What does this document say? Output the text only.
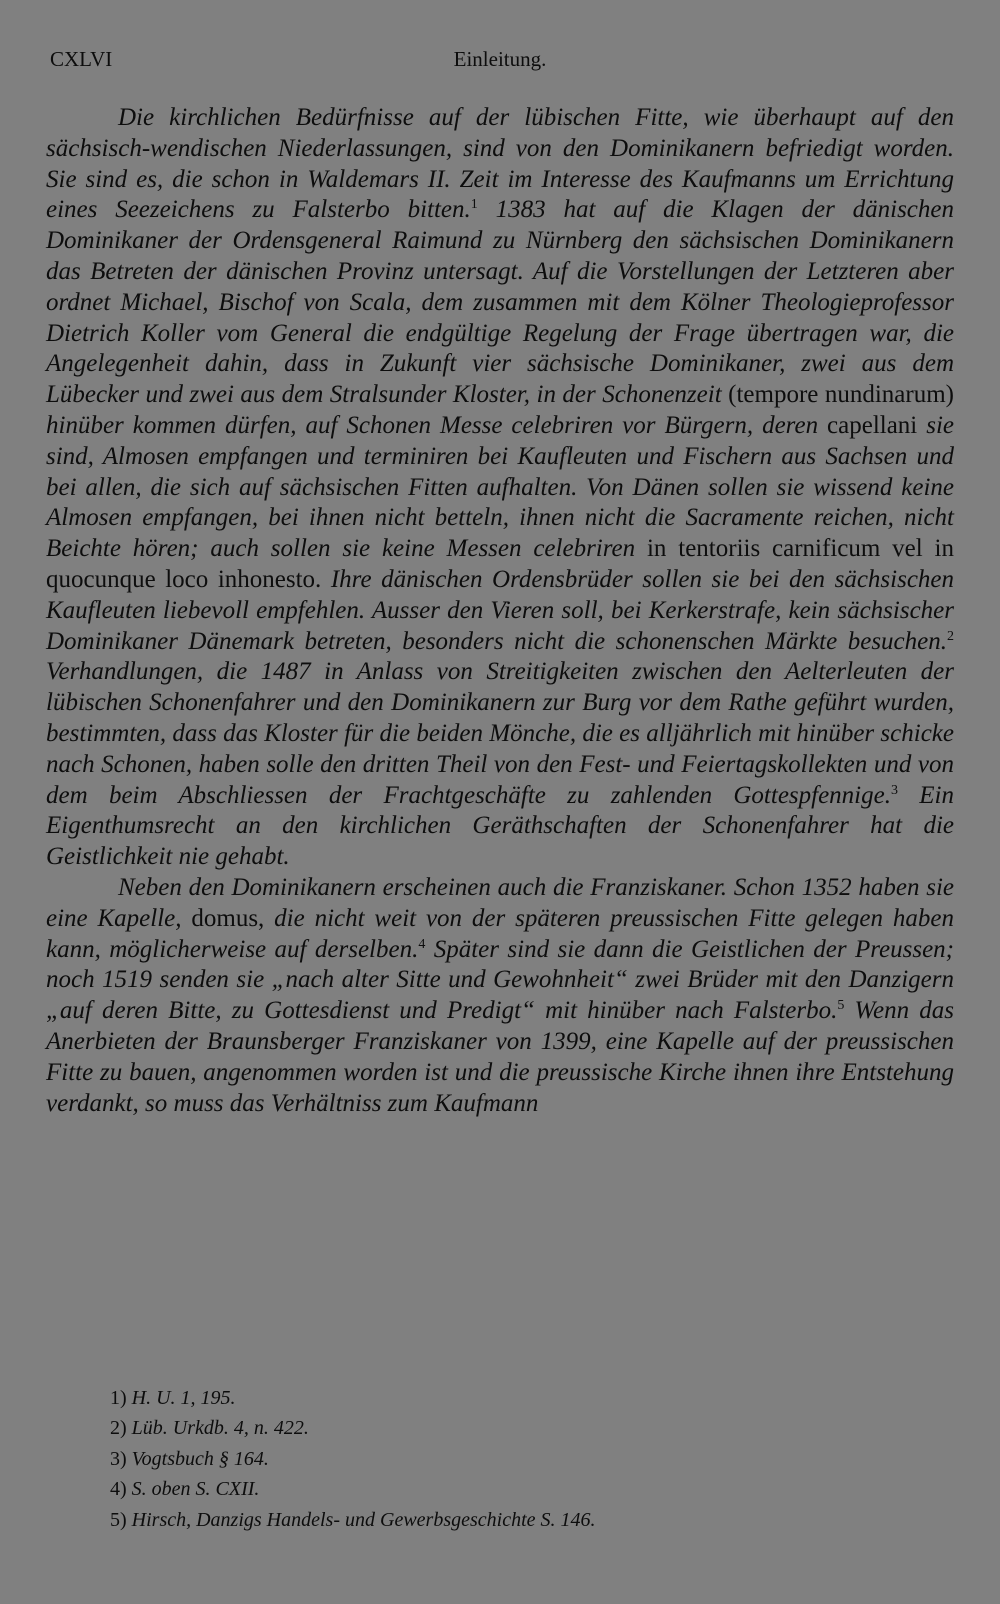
CXLVI	Einleitung.

Die kirchlichen Bedürfnisse auf der lübischen Fitte, wie überhaupt auf den sächsisch-wendischen Niederlassungen, sind von den Dominikanern befriedigt worden. Sie sind es, die schon in Waldemars II. Zeit im Interesse des Kaufmanns um Errichtung eines Seezeichens zu Falsterbo bitten.$^1$ 1383 hat auf die Klagen der dänischen Dominikaner der Ordensgeneral Raimund zu Nürnberg den sächsischen Dominikanern das Betreten der dänischen Provinz untersagt. Auf die Vorstellungen der Letzteren aber ordnet Michael, Bischof von Scala, dem zusammen mit dem Kölner Theologieprofessor Dietrich Koller vom General die endgültige Regelung der Frage übertragen war, die Angelegenheit dahin, dass in Zukunft vier sächsische Dominikaner, zwei aus dem Lübecker und zwei aus dem Stralsunder Kloster, in der Schonenzeit (tempore nundinarum) hinüber kommen dürfen, auf Schonen Messe celebriren vor Bürgern, deren capellani sie sind, Almosen empfangen und terminiren bei Kaufleuten und Fischern aus Sachsen und bei allen, die sich auf sächsischen Fitten aufhalten. Von Dänen sollen sie wissend keine Almosen empfangen, bei ihnen nicht betteln, ihnen nicht die Sacramente reichen, nicht Beichte hören; auch sollen sie keine Messen celebriren in tentoriis carnificum vel in quocunque loco inhonesto. Ihre dänischen Ordensbrüder sollen sie bei den sächsischen Kaufleuten liebevoll empfehlen. Ausser den Vieren soll, bei Kerkerstrafe, kein sächsischer Dominikaner Dänemark betreten, besonders nicht die schonenschen Märkte besuchen.$^2$ Verhandlungen, die 1487 in Anlass von Streitigkeiten zwischen den Aelterleuten der lübischen Schonenfahrer und den Dominikanern zur Burg vor dem Rathe geführt wurden, bestimmten, dass das Kloster für die beiden Mönche, die es alljährlich mit hinüber schicke nach Schonen, haben solle den dritten Theil von den Fest- und Feiertagskollekten und von dem beim Abschliessen der Frachtgeschäfte zu zahlenden Gottespfennige.$^3$ Ein Eigenthumsrecht an den kirchlichen Geräthschaften der Schonenfahrer hat die Geistlichkeit nie gehabt.

Neben den Dominikanern erscheinen auch die Franziskaner. Schon 1352 haben sie eine Kapelle, domus, die nicht weit von der späteren preussischen Fitte gelegen haben kann, möglicherweise auf derselben.$^4$ Später sind sie dann die Geistlichen der Preussen; noch 1519 senden sie „nach alter Sitte und Gewohnheit“ zwei Brüder mit den Danzigern „auf deren Bitte, zu Gottesdienst und Predigt“ mit hinüber nach Falsterbo.$^5$ Wenn das Anerbieten der Braunsberger Franziskaner von 1399, eine Kapelle auf der preussischen Fitte zu bauen, angenommen worden ist und die preussische Kirche ihnen ihre Entstehung verdankt, so muss das Verhältniss zum Kaufmann

1) H. U. 1, 195.
2) Lüb. Urkdb. 4, n. 422.
3) Vogtsbuch § 164.
4) S. oben S. CXII.
5) Hirsch, Danzigs Handels- und Gewerbsgeschichte S. 146.
